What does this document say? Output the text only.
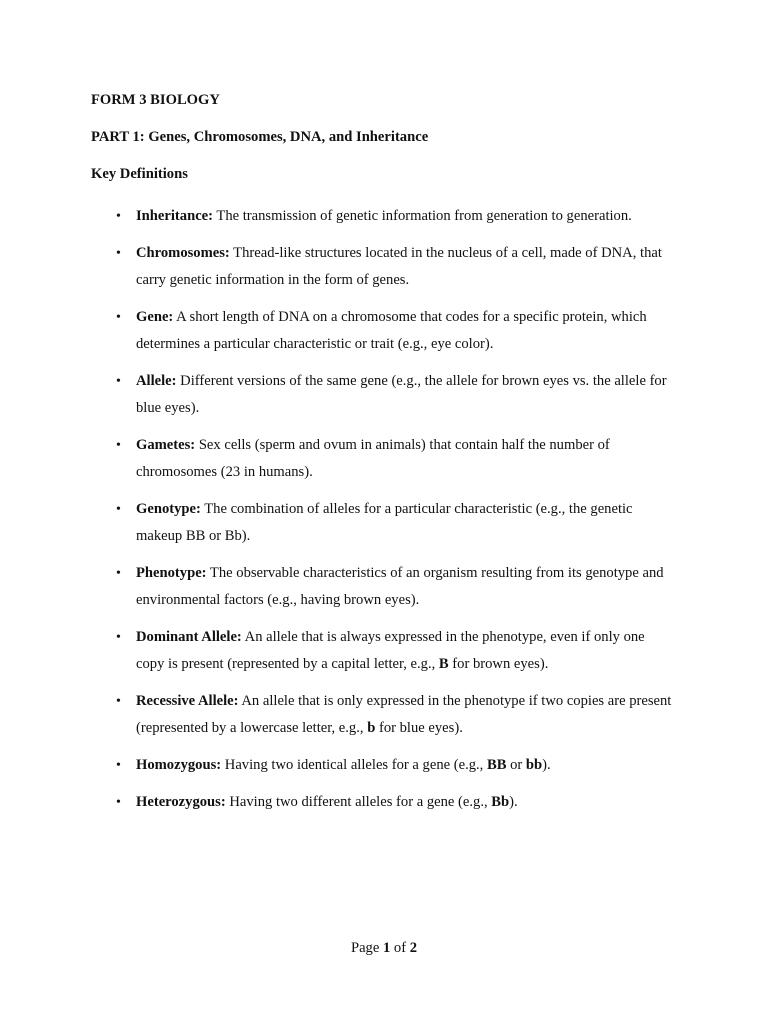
FORM 3 BIOLOGY

PART 1: Genes, Chromosomes, DNA, and Inheritance

Key Definitions

• Inheritance: The transmission of genetic information from generation to generation.
• Chromosomes: Thread-like structures located in the nucleus of a cell, made of DNA, that carry genetic information in the form of genes.
• Gene: A short length of DNA on a chromosome that codes for a specific protein, which determines a particular characteristic or trait (e.g., eye color).
• Allele: Different versions of the same gene (e.g., the allele for brown eyes vs. the allele for blue eyes).
• Gametes: Sex cells (sperm and ovum in animals) that contain half the number of chromosomes (23 in humans).
• Genotype: The combination of alleles for a particular characteristic (e.g., the genetic makeup BB or Bb).
• Phenotype: The observable characteristics of an organism resulting from its genotype and environmental factors (e.g., having brown eyes).
• Dominant Allele: An allele that is always expressed in the phenotype, even if only one copy is present (represented by a capital letter, e.g., B for brown eyes).
• Recessive Allele: An allele that is only expressed in the phenotype if two copies are present (represented by a lowercase letter, e.g., b for blue eyes).
• Homozygous: Having two identical alleles for a gene (e.g., BB or bb).
• Heterozygous: Having two different alleles for a gene (e.g., Bb).
Page 1 of 2
